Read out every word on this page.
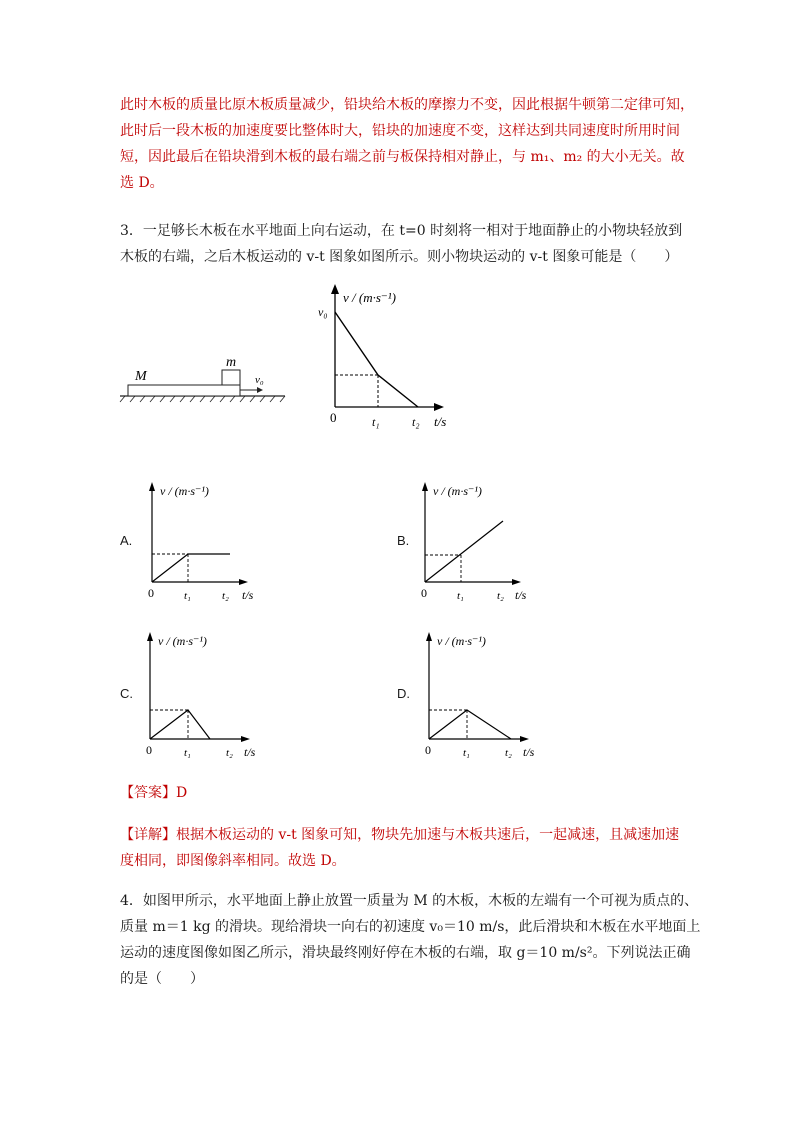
此时木板的质量比原木板质量减少，铅块给木板的摩擦力不变，因此根据牛顿第二定律可知，
此时后一段木板的加速度要比整体时大，铅块的加速度不变，这样达到共同速度时所用时间
短，因此最后在铅块滑到木板的最右端之前与板保持相对静止，与 m₁、m₂ 的大小无关。故
选 D。
3．一足够长木板在水平地面上向右运动，在 t=0 时刻将一相对于地面静止的小物块轻放到
木板的右端，之后木板运动的 v-t 图象如图所示。则小物块运动的 v-t 图象可能是（　　）
M
m
v₀
v / (m·s⁻¹)
v₀
0	t₁	t₂ t/s
A.
v / (m·s⁻¹)
0	t₁	t₂ t/s
B.
v / (m·s⁻¹)
0	t₁	t₂ t/s
C.
v / (m·s⁻¹)
0	t₁	t₂ t/s
D.
v / (m·s⁻¹)
0	t₁	t₂ t/s
【答案】D
【详解】根据木板运动的 v-t 图象可知，物块先加速与木板共速后，一起减速，且减速加速
度相同，即图像斜率相同。故选 D。
4．如图甲所示，水平地面上静止放置一质量为 M 的木板，木板的左端有一个可视为质点的、
质量 m＝1 kg 的滑块。现给滑块一向右的初速度 v₀＝10 m/s，此后滑块和木板在水平地面上
运动的速度图像如图乙所示，滑块最终刚好停在木板的右端，取 g＝10 m/s²。下列说法正确
的是（　　）
